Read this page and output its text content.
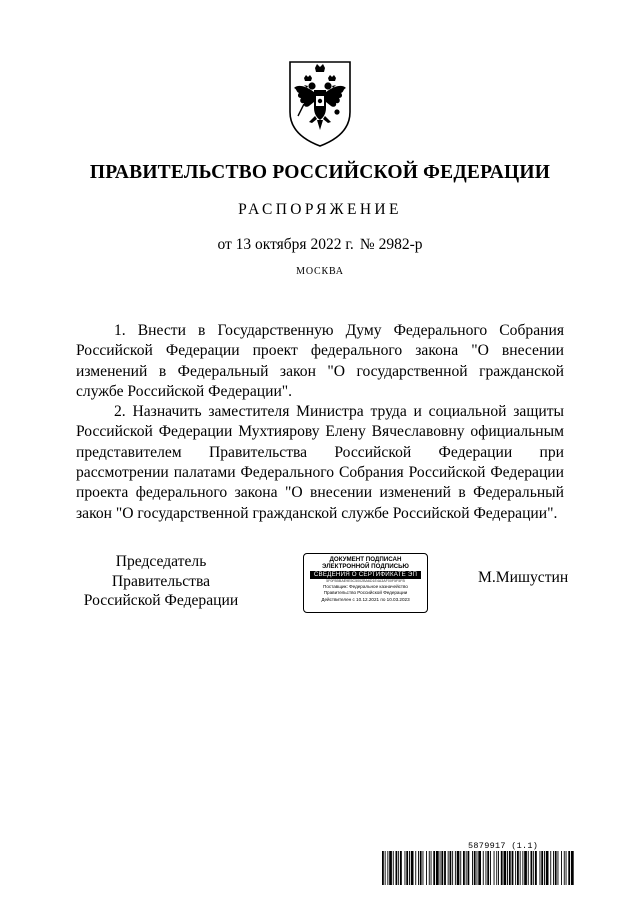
ПРАВИТЕЛЬСТВО РОССИЙСКОЙ ФЕДЕРАЦИИ
РАСПОРЯЖЕНИЕ
от 13 октября 2022 г. № 2982-р
МОСКВА

1. Внести в Государственную Думу Федерального Собрания Российской Федерации проект федерального закона "О внесении изменений в Федеральный закон "О государственной гражданской службе Российской Федерации".

2. Назначить заместителя Министра труда и социальной защиты Российской Федерации Мухтиярову Елену Вячеславовну официальным представителем Правительства Российской Федерации при рассмотрении палатами Федерального Собрания Российской Федерации проекта федерального закона "О внесении изменений в Федеральный закон "О государственной гражданской службе Российской Федерации".

Председатель Правительства
Российской Федерации
ДОКУМЕНТ ПОДПИСАН
ЭЛЕКТРОННОЙ ПОДПИСЬЮ
СВЕДЕНИЯ О СЕРТИФИКАТЕ ЭП
5F0FB5BAE9E5C5002BA6D1E4A3AF00F5F5FB
Поставщик: Федеральное казначейство
Правительство Российской Федерации
Действителен с 10.12.2021 по 10.03.2023
М.Мишустин
5879917 (1.1)
